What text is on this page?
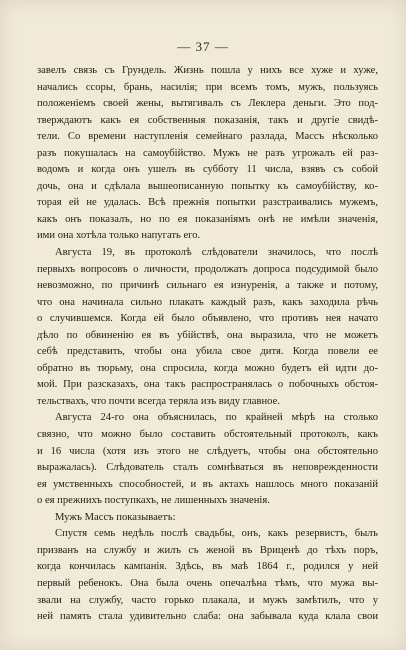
— 37 —
завелъ связь съ Грундель. Жизнь пошла у нихъ все хуже и хуже,
начались ссоры, брань, насилія; при всемъ томъ, мужъ, пользуясь
положеніемъ своей жены, вытягивалъ съ Леклера деньги. Это под-
тверждаютъ какъ ея собственныя показанія, такъ и другіе свидѣ-
тели. Со времени наступленія семейнаго разлада, Массъ нѣсколько
разъ покушалась на самоубійство. Мужъ не разъ угрожалъ ей раз-
водомъ и когда онъ ушелъ въ субботу 11 числа, взявъ съ собой
дочь, она и сдѣлала вышеописанную попытку къ самоубійству, ко-
торая ей не удалась. Всѣ прежнія попытки разстраивались мужемъ,
какъ онъ показалъ, но по ея показаніямъ онѣ не имѣли значенія,
ими она хотѣла только напугать его.
Августа 19, въ протоколѣ слѣдователи значилось, что послѣ
первыхъ вопросовъ о личности, продолжать допроса подсудимой было
невозможно, по причинѣ сильнаго ея изнуренія, а также и потому,
что она начинала сильно плакать каждый разъ, какъ заходила рѣчь
о случившемся. Когда ей было объявлено, что противъ нея начато
дѣло по обвиненію ея въ убійствѣ, она выразила, что не можетъ
себѣ представить, чтобы она убила свое дитя. Когда повели ее
обратно въ тюрьму, она спросила, когда можно будетъ ей идти до-
мой. При разсказахъ, она такъ распространялась о побочныхъ обстоя-
тельствахъ, что почти всегда теряла изъ виду главное.
Августа 24-го она объяснилась, по крайней мѣрѣ на столько
связно, что можно было составить обстоятельный протоколъ, какъ
и 16 числа (хотя изъ этого не слѣдуетъ, чтобы она обстоятельно
выражалась). Слѣдователь сталъ сомнѣваться въ неповрежденности
ея умственныхъ способностей, и въ актахъ нашлось много показаній
о ея прежнихъ поступкахъ, не лишенныхъ значенія.
Мужъ Массъ показываетъ:
Спустя семь недѣль послѣ свадьбы, онъ, какъ резервистъ, былъ
призванъ на службу и жилъ съ женой въ Вриценѣ до тѣхъ поръ,
когда кончилась кампанія. Здѣсь, въ маѣ 1864 г., родился у ней
первый ребенокъ. Она была очень опечалѣна тѣмъ, что мужа вы-
звали на службу, часто горько плакала, и мужъ замѣтилъ, что у
ней память стала удивительно слаба: она забывала куда клала свои
